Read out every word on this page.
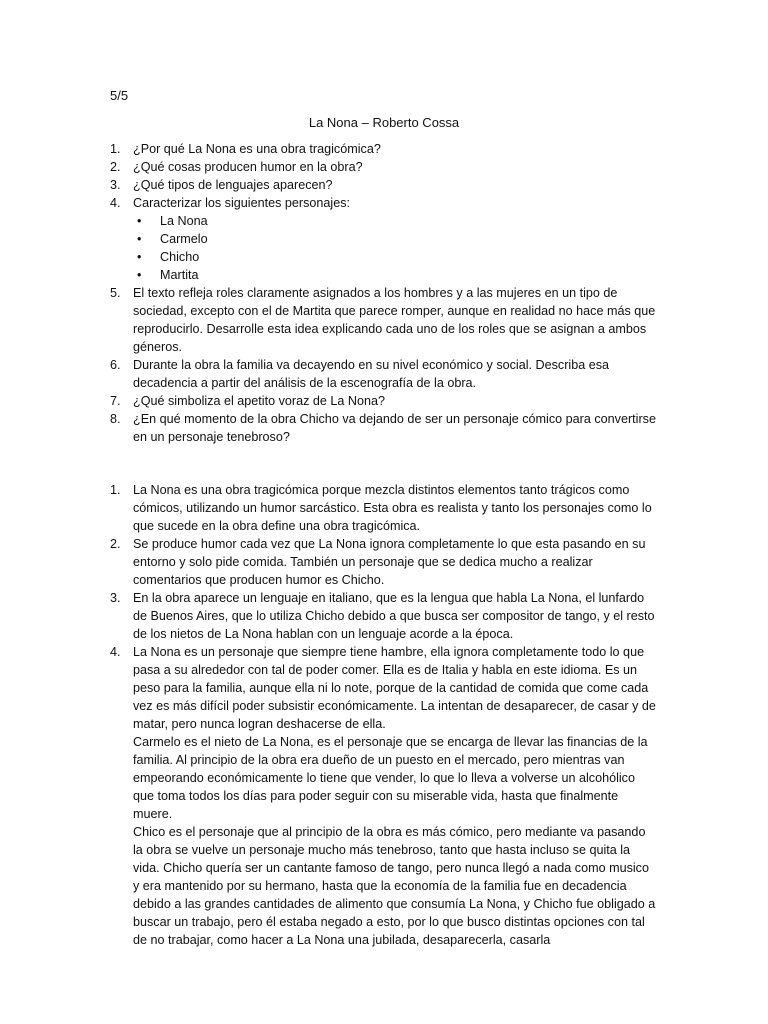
5/5
La Nona – Roberto Cossa
1. ¿Por qué La Nona es una obra tragicómica?
2. ¿Qué cosas producen humor en la obra?
3. ¿Qué tipos de lenguajes aparecen?
4. Caracterizar los siguientes personajes:
• La Nona
• Carmelo
• Chicho
• Martita
5. El texto refleja roles claramente asignados a los hombres y a las mujeres en un tipo de sociedad, excepto con el de Martita que parece romper, aunque en realidad no hace más que reproducirlo. Desarrolle esta idea explicando cada uno de los roles que se asignan a ambos géneros.
6. Durante la obra la familia va decayendo en su nivel económico y social. Describa esa decadencia a partir del análisis de la escenografía de la obra.
7. ¿Qué simboliza el apetito voraz de La Nona?
8. ¿En qué momento de la obra Chicho va dejando de ser un personaje cómico para convertirse en un personaje tenebroso?
1. La Nona es una obra tragicómica porque mezcla distintos elementos tanto trágicos como cómicos, utilizando un humor sarcástico. Esta obra es realista y tanto los personajes como lo que sucede en la obra define una obra tragicómica.

2. Se produce humor cada vez que La Nona ignora completamente lo que esta pasando en su entorno y solo pide comida. También un personaje que se dedica mucho a realizar comentarios que producen humor es Chicho.

3. En la obra aparece un lenguaje en italiano, que es la lengua que habla La Nona, el lunfardo de Buenos Aires, que lo utiliza Chicho debido a que busca ser compositor de tango, y el resto de los nietos de La Nona hablan con un lenguaje acorde a la época.

4. La Nona es un personaje que siempre tiene hambre, ella ignora completamente todo lo que pasa a su alrededor con tal de poder comer. Ella es de Italia y habla en este idioma. Es un peso para la familia, aunque ella ni lo note, porque de la cantidad de comida que come cada vez es más difícil poder subsistir económicamente. La intentan de desaparecer, de casar y de matar, pero nunca logran deshacerse de ella.

Carmelo es el nieto de La Nona, es el personaje que se encarga de llevar las financias de la familia. Al principio de la obra era dueño de un puesto en el mercado, pero mientras van empeorando económicamente lo tiene que vender, lo que lo lleva a volverse un alcohólico que toma todos los días para poder seguir con su miserable vida, hasta que finalmente muere.

Chico es el personaje que al principio de la obra es más cómico, pero mediante va pasando la obra se vuelve un personaje mucho más tenebroso, tanto que hasta incluso se quita la vida. Chicho quería ser un cantante famoso de tango, pero nunca llegó a nada como musico y era mantenido por su hermano, hasta que la economía de la familia fue en decadencia debido a las grandes cantidades de alimento que consumía La Nona, y Chicho fue obligado a buscar un trabajo, pero él estaba negado a esto, por lo que busco distintas opciones con tal de no trabajar, como hacer a La Nona una jubilada, desaparecerla, casarla
